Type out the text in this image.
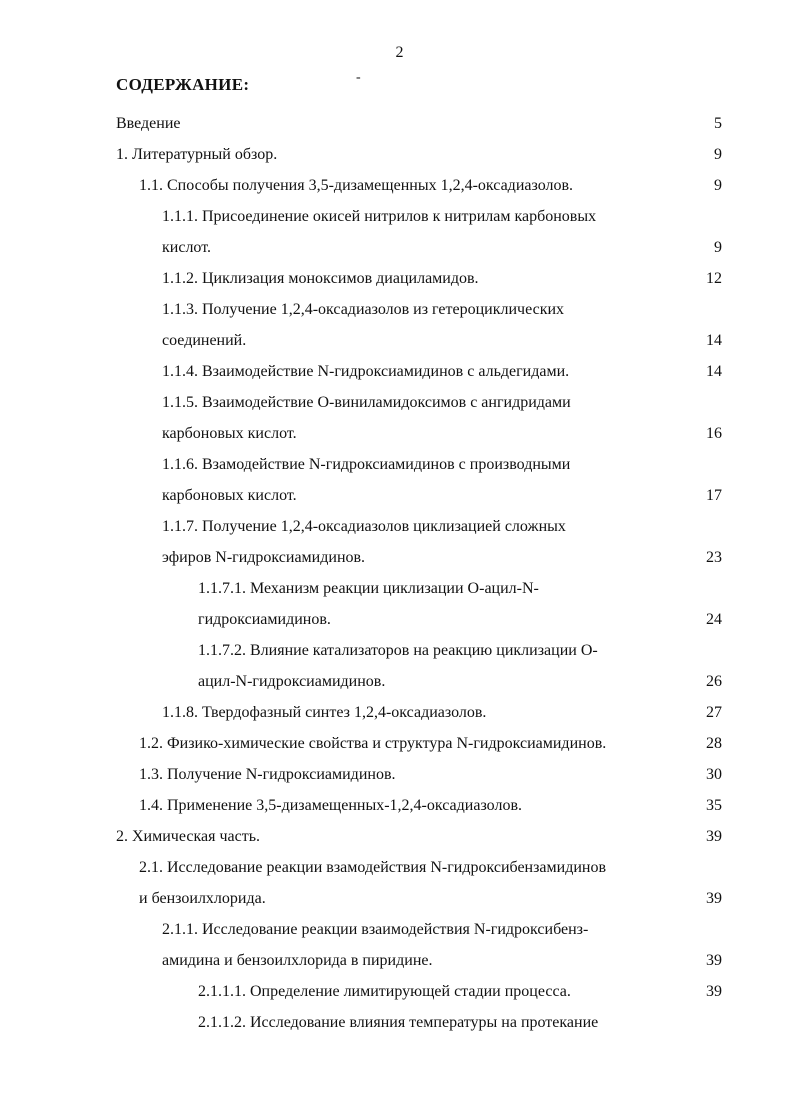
2
СОДЕРЖАНИЕ:	-
Введение	5
1. Литературный обзор.	9
1.1. Способы получения 3,5-дизамещенных 1,2,4-оксадиазолов.	9
1.1.1. Присоединение окисей нитрилов к нитрилам карбоновых
кислот.	9
1.1.2. Циклизация монокcимов диациламидов.	12
1.1.3. Получение 1,2,4-оксадиазолов из гетероциклических
соединений.	14
1.1.4. Взаимодействие N-гидроксиамидинов с альдегидами.	14
1.1.5. Взаимодействие O-виниламидоксимов с ангидридами
карбоновых кислот.	16
1.1.6. Взамодействие N-гидроксиамидинов с производными
карбоновых кислот.	17
1.1.7. Получение 1,2,4-оксадиазолов циклизацией сложных
эфиров N-гидроксиамидинов.	23
1.1.7.1. Механизм реакции циклизации O-ацил-N-
гидроксиамидинов.	24
1.1.7.2. Влияние катализаторов на реакцию циклизации O-
ацил-N-гидроксиамидинов.	26
1.1.8. Твердофазный синтез 1,2,4-оксадиазолов.	27
1.2. Физико-химические свойства и структура N-гидроксиамидинов.	28
1.3. Получение N-гидроксиамидинов.	30
1.4. Применение 3,5-дизамещенных-1,2,4-оксадиазолов.	35
2. Химическая часть.	39
2.1. Исследование реакции взамодействия N-гидроксибензамидинов
и бензоилхлорида.	39
2.1.1. Исследование реакции взаимодействия N-гидроксибенз-
амидина и бензоилхлорида в пиридине.	39
2.1.1.1. Определение лимитирующей стадии процесса.	39
2.1.1.2. Исследование влияния температуры на протекание
